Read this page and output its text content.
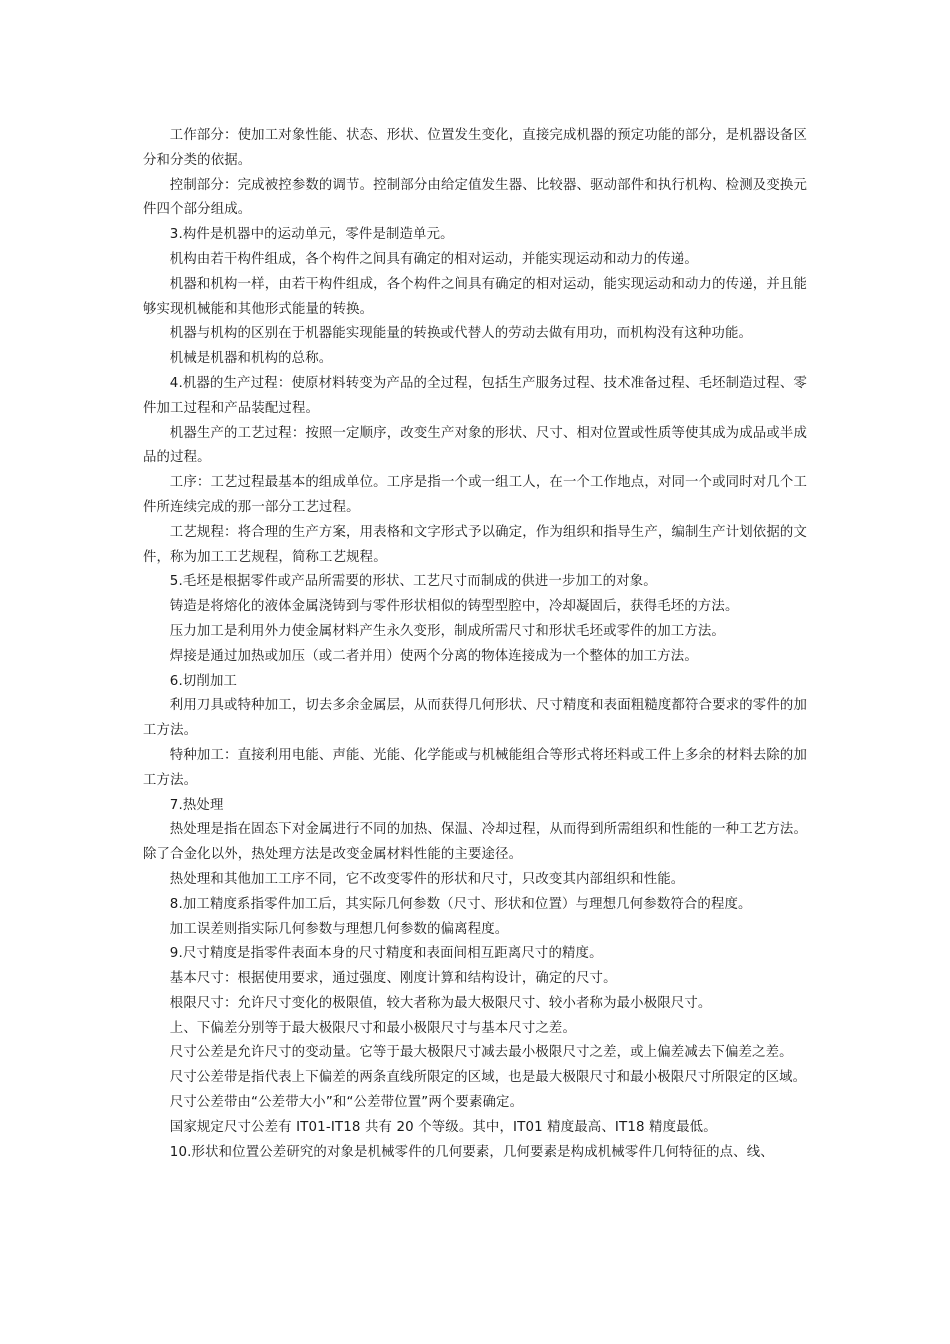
工作部分：使加工对象性能、状态、形状、位置发生变化，直接完成机器的预定功能的部分，是机器设备区分和分类的依据。

控制部分：完成被控参数的调节。控制部分由给定值发生器、比较器、驱动部件和执行机构、检测及变换元件四个部分组成。

3.构件是机器中的运动单元，零件是制造单元。

机构由若干构件组成，各个构件之间具有确定的相对运动，并能实现运动和动力的传递。

机器和机构一样，由若干构件组成，各个构件之间具有确定的相对运动，能实现运动和动力的传递，并且能够实现机械能和其他形式能量的转换。

机器与机构的区别在于机器能实现能量的转换或代替人的劳动去做有用功，而机构没有这种功能。

机械是机器和机构的总称。

4.机器的生产过程：使原材料转变为产品的全过程，包括生产服务过程、技术准备过程、毛坯制造过程、零件加工过程和产品装配过程。

机器生产的工艺过程：按照一定顺序，改变生产对象的形状、尺寸、相对位置或性质等使其成为成品或半成品的过程。

工序：工艺过程最基本的组成单位。工序是指一个或一组工人，在一个工作地点，对同一个或同时对几个工件所连续完成的那一部分工艺过程。

工艺规程：将合理的生产方案，用表格和文字形式予以确定，作为组织和指导生产，编制生产计划依据的文件，称为加工工艺规程，简称工艺规程。

5.毛坯是根据零件或产品所需要的形状、工艺尺寸而制成的供进一步加工的对象。

铸造是将熔化的液体金属浇铸到与零件形状相似的铸型型腔中，冷却凝固后，获得毛坯的方法。

压力加工是利用外力使金属材料产生永久变形，制成所需尺寸和形状毛坯或零件的加工方法。

焊接是通过加热或加压（或二者并用）使两个分离的物体连接成为一个整体的加工方法。

6.切削加工

利用刀具或特种加工，切去多余金属层，从而获得几何形状、尺寸精度和表面粗糙度都符合要求的零件的加工方法。

特种加工：直接利用电能、声能、光能、化学能或与机械能组合等形式将坯料或工件上多余的材料去除的加工方法。

7.热处理

热处理是指在固态下对金属进行不同的加热、保温、冷却过程，从而得到所需组织和性能的一种工艺方法。除了合金化以外，热处理方法是改变金属材料性能的主要途径。

热处理和其他加工工序不同，它不改变零件的形状和尺寸，只改变其内部组织和性能。

8.加工精度系指零件加工后，其实际几何参数（尺寸、形状和位置）与理想几何参数符合的程度。

加工误差则指实际几何参数与理想几何参数的偏离程度。

9.尺寸精度是指零件表面本身的尺寸精度和表面间相互距离尺寸的精度。

基本尺寸：根据使用要求，通过强度、刚度计算和结构设计，确定的尺寸。

根限尺寸：允许尺寸变化的极限值，较大者称为最大极限尺寸、较小者称为最小极限尺寸。

上、下偏差分别等于最大极限尺寸和最小极限尺寸与基本尺寸之差。

尺寸公差是允许尺寸的变动量。它等于最大极限尺寸减去最小极限尺寸之差，或上偏差减去下偏差之差。

尺寸公差带是指代表上下偏差的两条直线所限定的区域，也是最大极限尺寸和最小极限尺寸所限定的区域。

尺寸公差带由“公差带大小”和“公差带位置”两个要素确定。

国家规定尺寸公差有 IT01-IT18 共有 20 个等级。其中，IT01 精度最高、IT18 精度最低。

10.形状和位置公差研究的对象是机械零件的几何要素，几何要素是构成机械零件几何特征的点、线、
